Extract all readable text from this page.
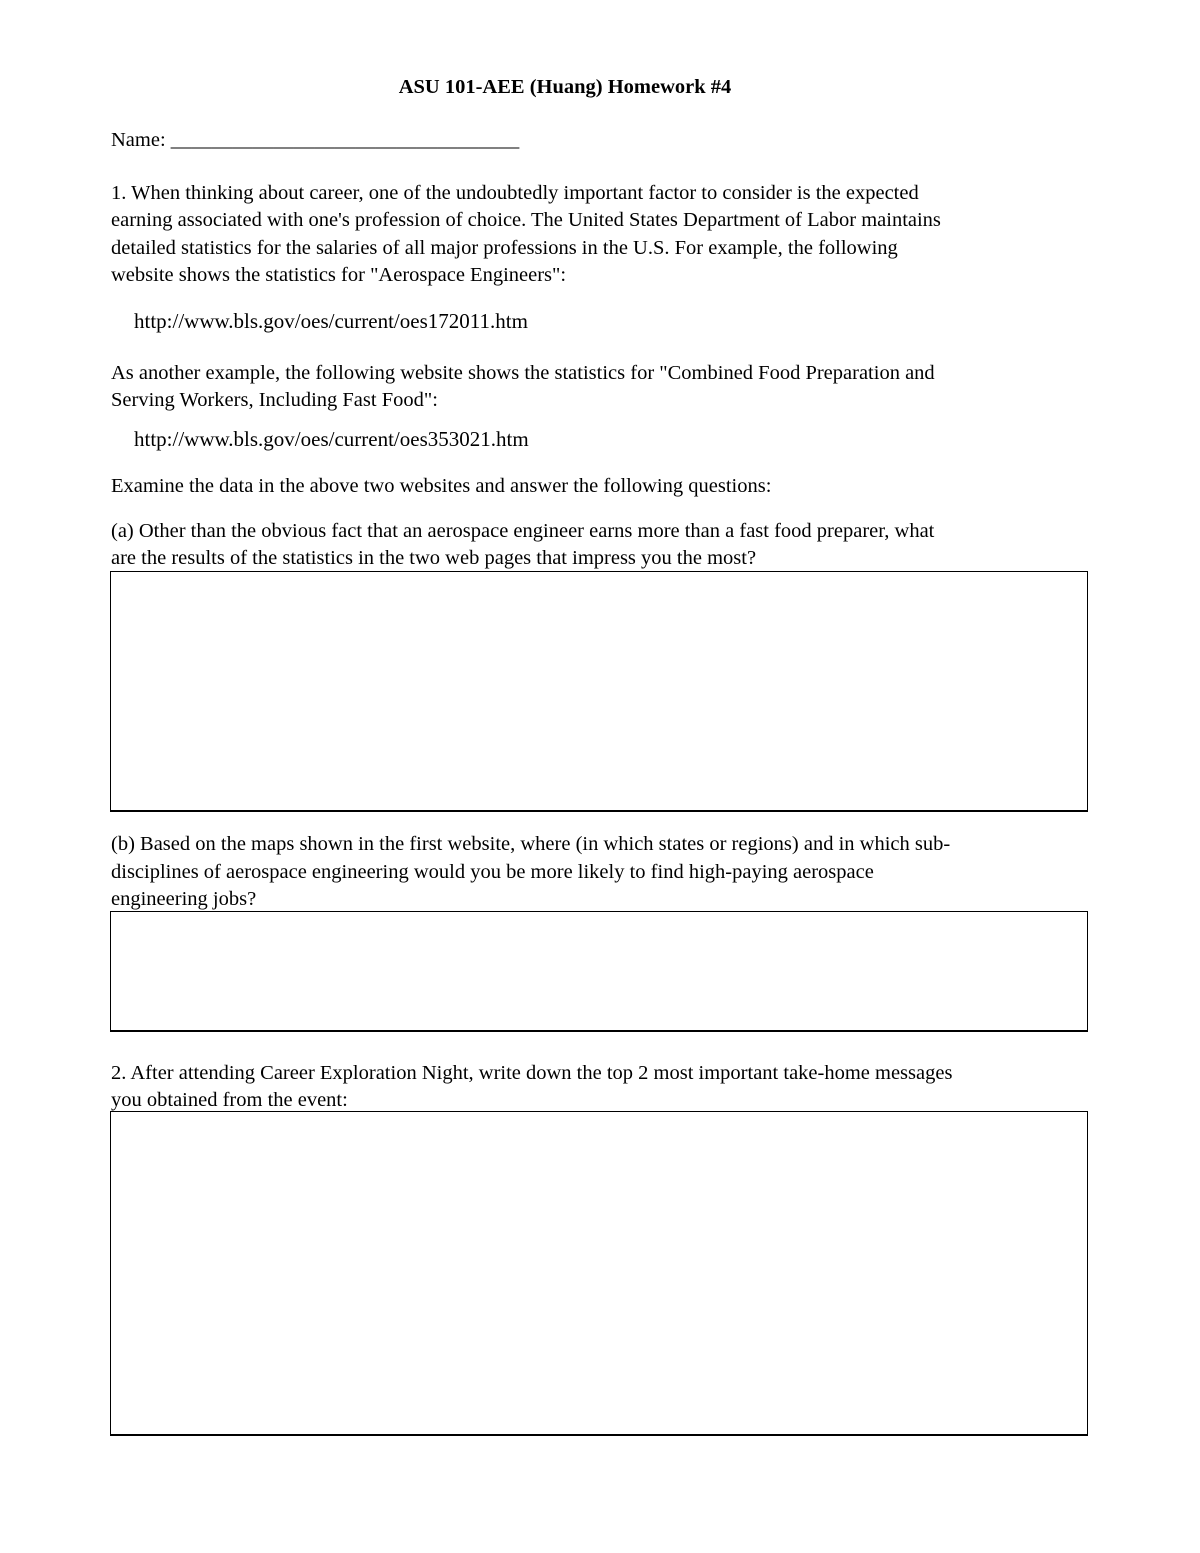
ASU 101-AEE (Huang) Homework #4
Name: __________________________________
1. When thinking about career, one of the undoubtedly important factor to consider is the expected
earning associated with one's profession of choice. The United States Department of Labor maintains
detailed statistics for the salaries of all major professions in the U.S. For example, the following
website shows the statistics for "Aerospace Engineers":
http://www.bls.gov/oes/current/oes172011.htm
As another example, the following website shows the statistics for "Combined Food Preparation and
Serving Workers, Including Fast Food":
http://www.bls.gov/oes/current/oes353021.htm
Examine the data in the above two websites and answer the following questions:
(a) Other than the obvious fact that an aerospace engineer earns more than a fast food preparer, what
are the results of the statistics in the two web pages that impress you the most?
(b) Based on the maps shown in the first website, where (in which states or regions) and in which sub-
disciplines of aerospace engineering would you be more likely to find high-paying aerospace
engineering jobs?
2. After attending Career Exploration Night, write down the top 2 most important take-home messages
you obtained from the event:
